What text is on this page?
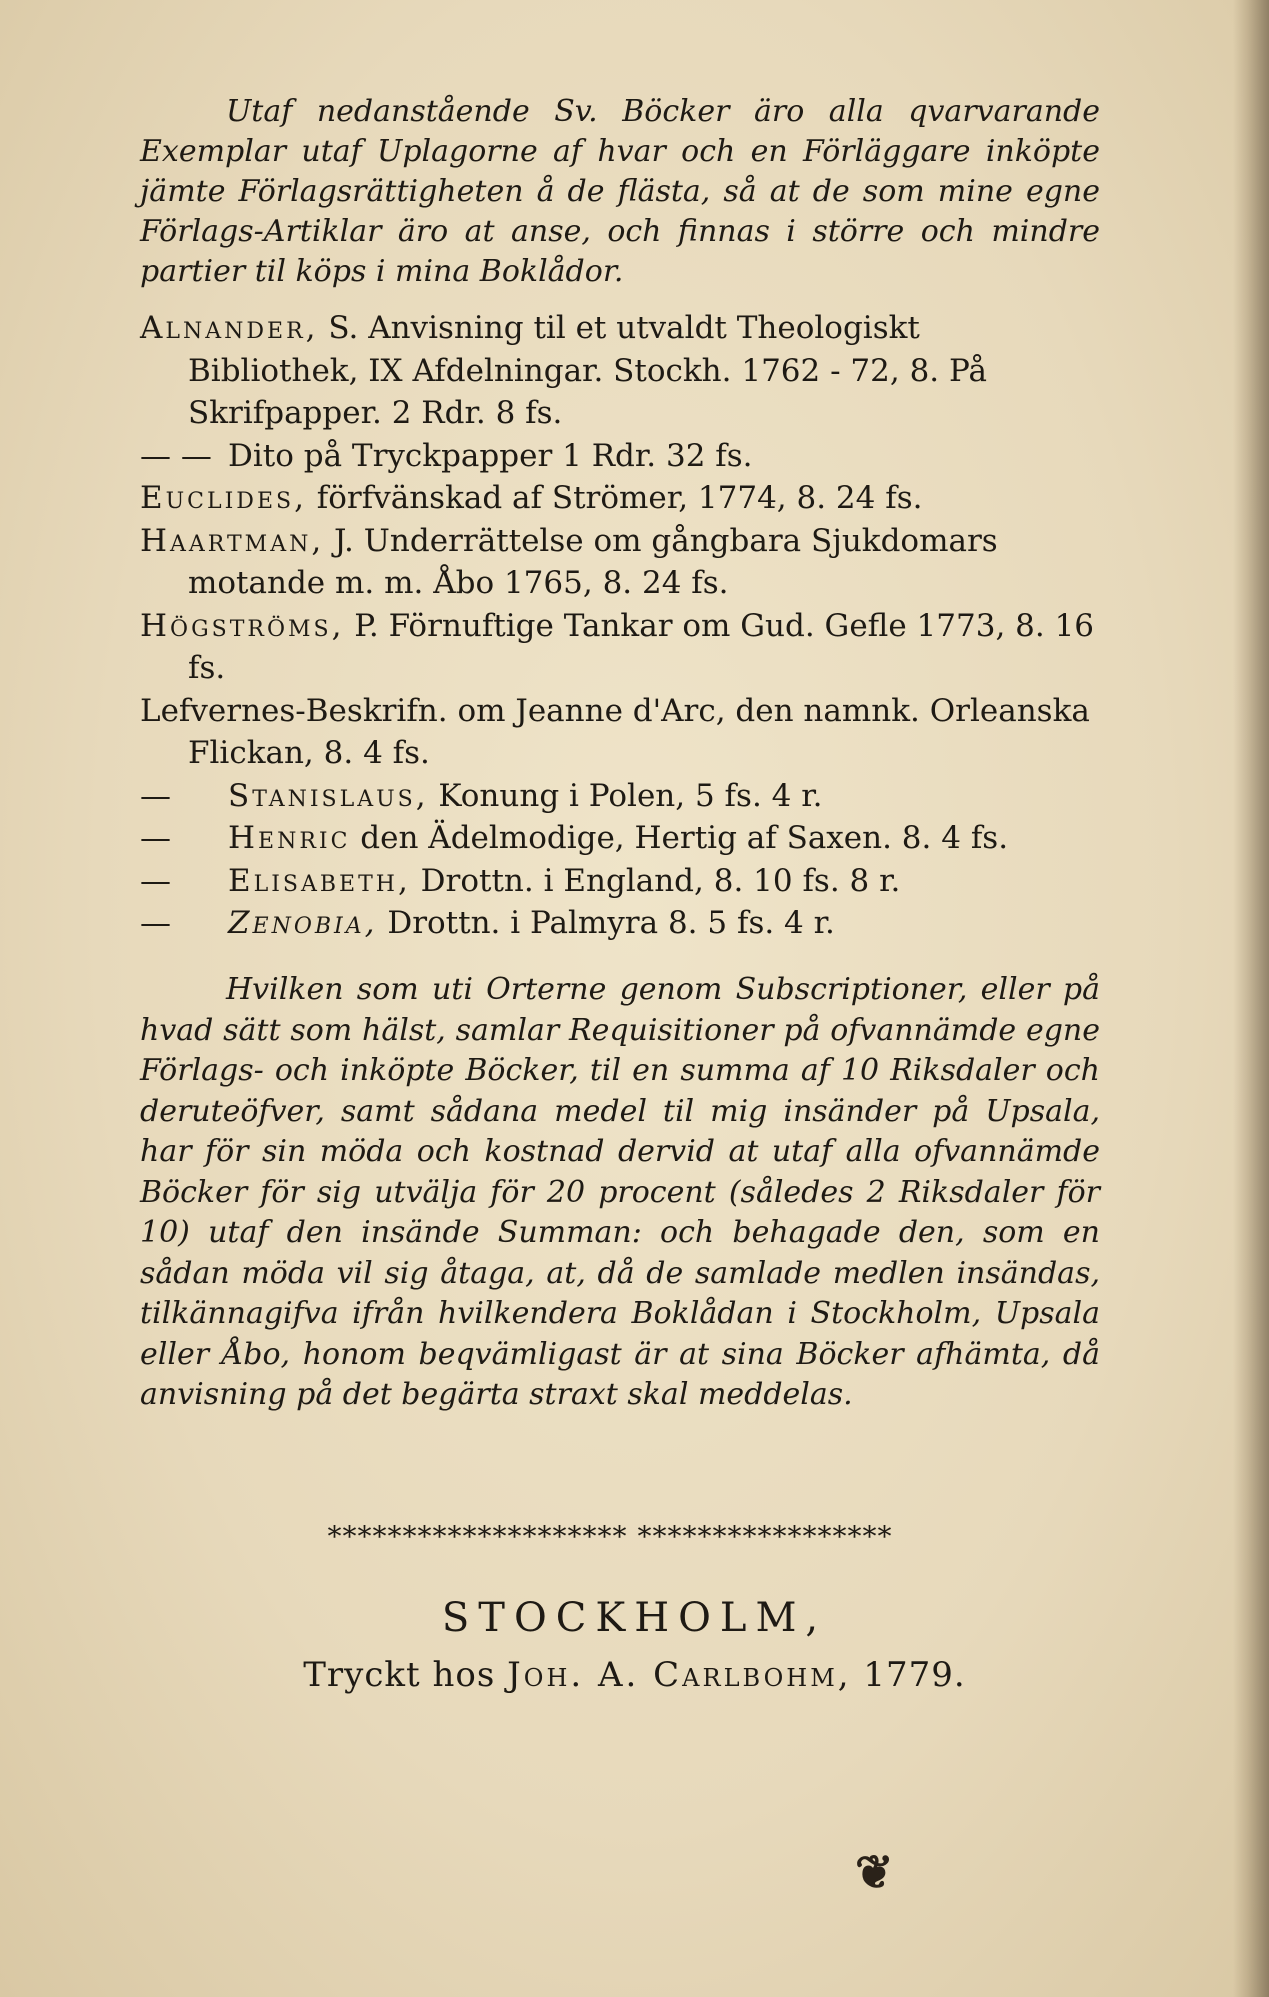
Utaf nedanstående Sv. Böcker äro alla qvarvarande Exemplar utaf Uplagorne af hvar och en Förläggare inköpte jämte Förlagsrättigheten å de flästa, så at de som mine egne Förlags-Artiklar äro at anse, och finnas i större och mindre partier til köps i mina Boklådor.
Alnander, S. Anvisning til et utvaldt Theologiskt Bibliothek, IX Afdelningar. Stockh. 1762 - 72, 8. På Skrifpapper. 2 Rdr. 8 fs.
— — Dito på Tryckpapper 1 Rdr. 32 fs.
Euclides, förfvänskad af Strömer, 1774, 8. 24 fs.
Haartman, J. Underrättelse om gångbara Sjukdomars motande m. m. Åbo 1765, 8. 24 fs.
Högströms, P. Förnuftige Tankar om Gud. Gefle 1773, 8. 16 fs.
Lefvernes-Beskrifn. om Jeanne d'Arc, den namnk. Orleanska Flickan, 8. 4 fs.
— Stanislaus, Konung i Polen, 5 fs. 4 r.
— Henric den Ädelmodige, Hertig af Saxen. 8. 4 fs.
— Elisabeth, Drottn. i England, 8. 10 fs. 8 r.
— Zenobia, Drottn. i Palmyra 8. 5 fs. 4 r.
Hvilken som uti Orterne genom Subscriptioner, eller på hvad sätt som hälst, samlar Requisitioner på ofvannämde egne Förlags- och inköpte Böcker, til en summa af 10 Riksdaler och deruteöfver, samt sådana medel til mig insänder på Upsala, har för sin möda och kostnad dervid at utaf alla ofvannämde Böcker för sig utvälja för 20 procent (således 2 Riksdaler för 10) utaf den insände Summan: och behagade den, som en sådan möda vil sig åtaga, at, då de samlade medlen insändas, tilkännagifva ifrån hvilkendera Boklådan i Stockholm, Upsala eller Åbo, honom beqvämligast är at sina Böcker afhämta, då anvisning på det begärta straxt skal meddelas.
******************** *****************
STOCKHOLM,
Tryckt hos Joh. A. Carlbohm, 1779.
❦
